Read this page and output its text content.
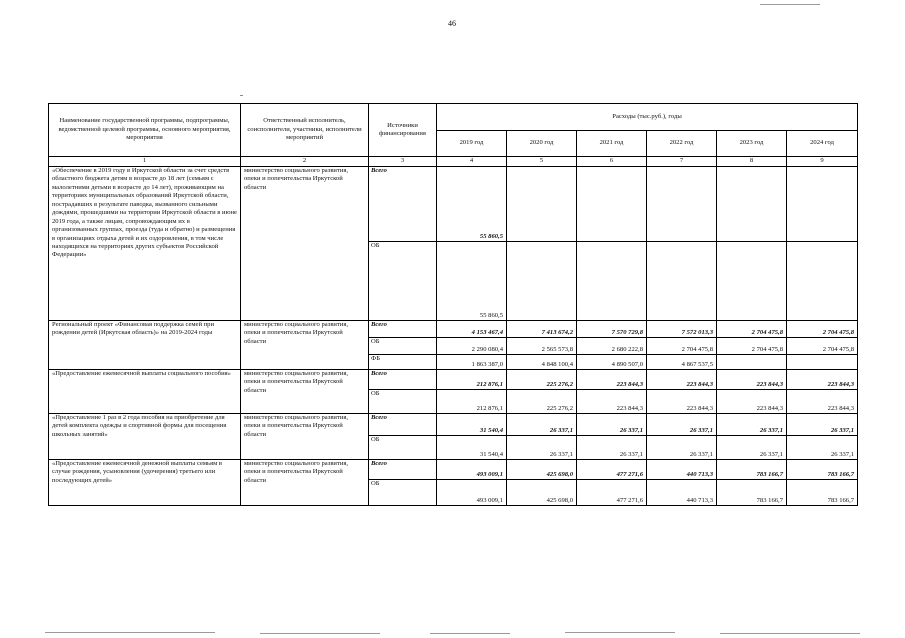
46
Наименование государственной программы, подпрограммы, ведомственной целевой программы, основного мероприятия, мероприятия	Ответственный исполнитель, соисполнители, участники, исполнители мероприятий	Источники финансирования	Расходы (тыс.руб.), годы					
			2019 год	2020 год	2021 год	2022 год	2023 год	2024 год
1	2	3	4	5	6	7	8	9
«Обеспечение в 2019 году в Иркутской области за счет средств областного бюджета детям в возрасте до 18 лет (семьям с малолетними детьми в возрасте до 14 лет), проживающим на территориях муниципальных образований Иркутской области, пострадавших в результате паводка, вызванного сильными дождями, прошедшими на территории Иркутской области в июне 2019 года, а также лицам, сопровождающим их в организованных группах, проезда (туда и обратно) и размещения в организациях отдыха детей и их оздоровления, в том числе находящихся на территориях других субъектов Российской Федерации»	министерство социального развития, опеки и попечительства Иркутской области	Всего	55 860,5					
		ОБ	55 860,5					
Региональный проект «Финансовая поддержка семей при рождении детей (Иркутская область)» на 2019-2024 годы	министерство социального развития, опеки и попечительства Иркутской области	Всего	4 153 467,4	7 413 674,2	7 570 729,8	7 572 013,3	2 704 475,8	2 704 475,8
		ОБ	2 290 080,4	2 565 573,8	2 680 222,8	2 704 475,8	2 704 475,8	2 704 475,8
		ФБ	1 863 387,0	4 848 100,4	4 890 507,0	4 867 537,5		
«Предоставление ежемесячной выплаты социального пособия»	министерство социального развития, опеки и попечительства Иркутской области	Всего	212 876,1	225 276,2	223 844,3	223 844,3	223 844,3	223 844,3
		ОБ	212 876,1	225 276,2	223 844,3	223 844,3	223 844,3	223 844,3
«Предоставление 1 раз в 2 года пособия на приобретение для детей комплекта одежды и спортивной формы для посещения школьных занятий»	министерство социального развития, опеки и попечительства Иркутской области	Всего	31 540,4	26 337,1	26 337,1	26 337,1	26 337,1	26 337,1
		ОБ	31 540,4	26 337,1	26 337,1	26 337,1	26 337,1	26 337,1
«Предоставление ежемесячной денежной выплаты семьям в случае рождения, усыновления (удочерения) третьего или последующих детей»	министерство социального развития, опеки и попечительства Иркутской области	Всего	493 009,1	425 698,0	477 271,6	440 713,3	783 166,7	783 166,7
		ОБ	493 009,1	425 698,0	477 271,6	440 713,3	783 166,7	783 166,7
